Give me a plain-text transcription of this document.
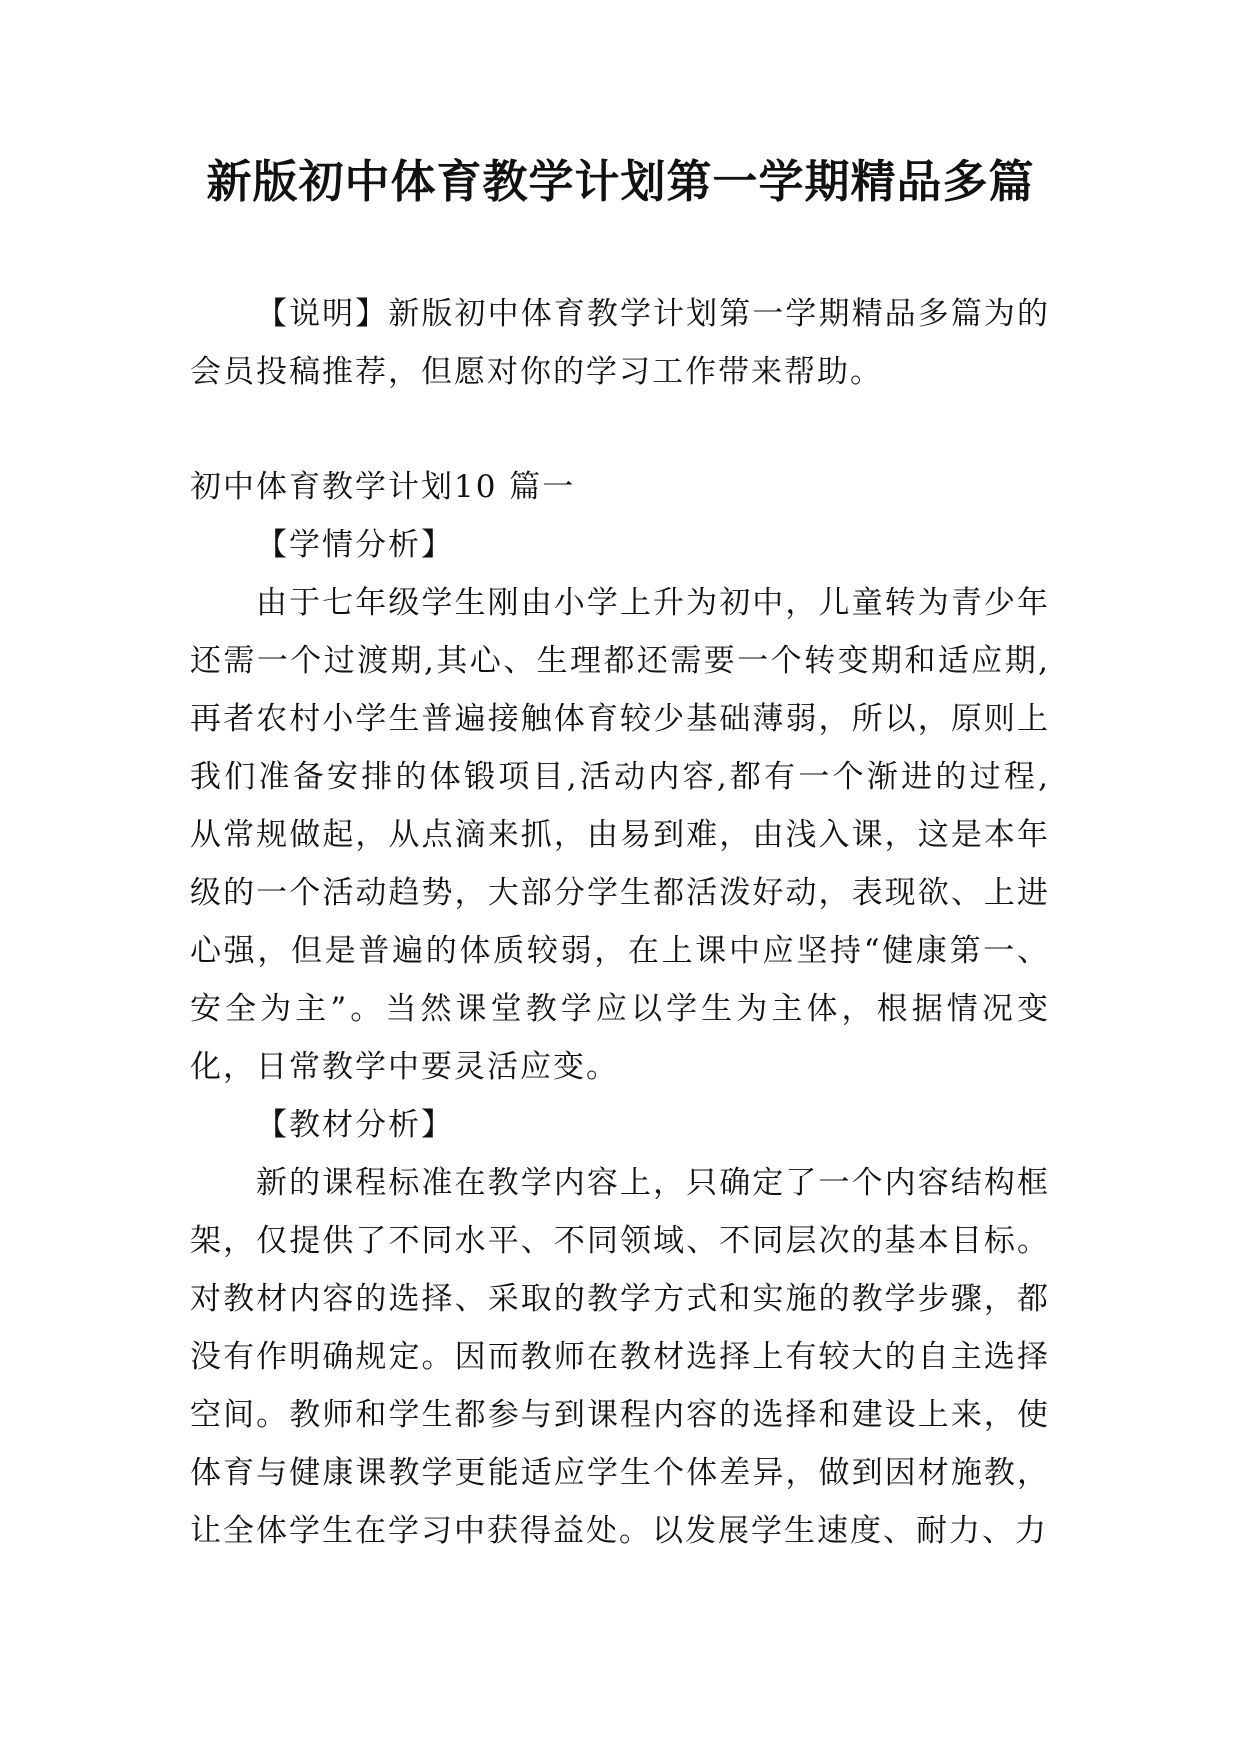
新版初中体育教学计划第一学期精品多篇

【说明】新版初中体育教学计划第一学期精品多篇为的会员投稿推荐，但愿对你的学习工作带来帮助。

初中体育教学计划10 篇一

【学情分析】

由于七年级学生刚由小学上升为初中，儿童转为青少年还需一个过渡期,其心、生理都还需要一个转变期和适应期,再者农村小学生普遍接触体育较少基础薄弱，所以，原则上我们准备安排的体锻项目,活动内容,都有一个渐进的过程,从常规做起，从点滴来抓，由易到难，由浅入课，这是本年级的一个活动趋势，大部分学生都活泼好动，表现欲、上进心强，但是普遍的体质较弱，在上课中应坚持“健康第一、安全为主”。当然课堂教学应以学生为主体，根据情况变化，日常教学中要灵活应变。

【教材分析】

新的课程标准在教学内容上，只确定了一个内容结构框架，仅提供了不同水平、不同领域、不同层次的基本目标。对教材内容的选择、采取的教学方式和实施的教学步骤，都没有作明确规定。因而教师在教材选择上有较大的自主选择空间。教师和学生都参与到课程内容的选择和建设上来，使体育与健康课教学更能适应学生个体差异，做到因材施教，让全体学生在学习中获得益处。以发展学生速度、耐力、力
